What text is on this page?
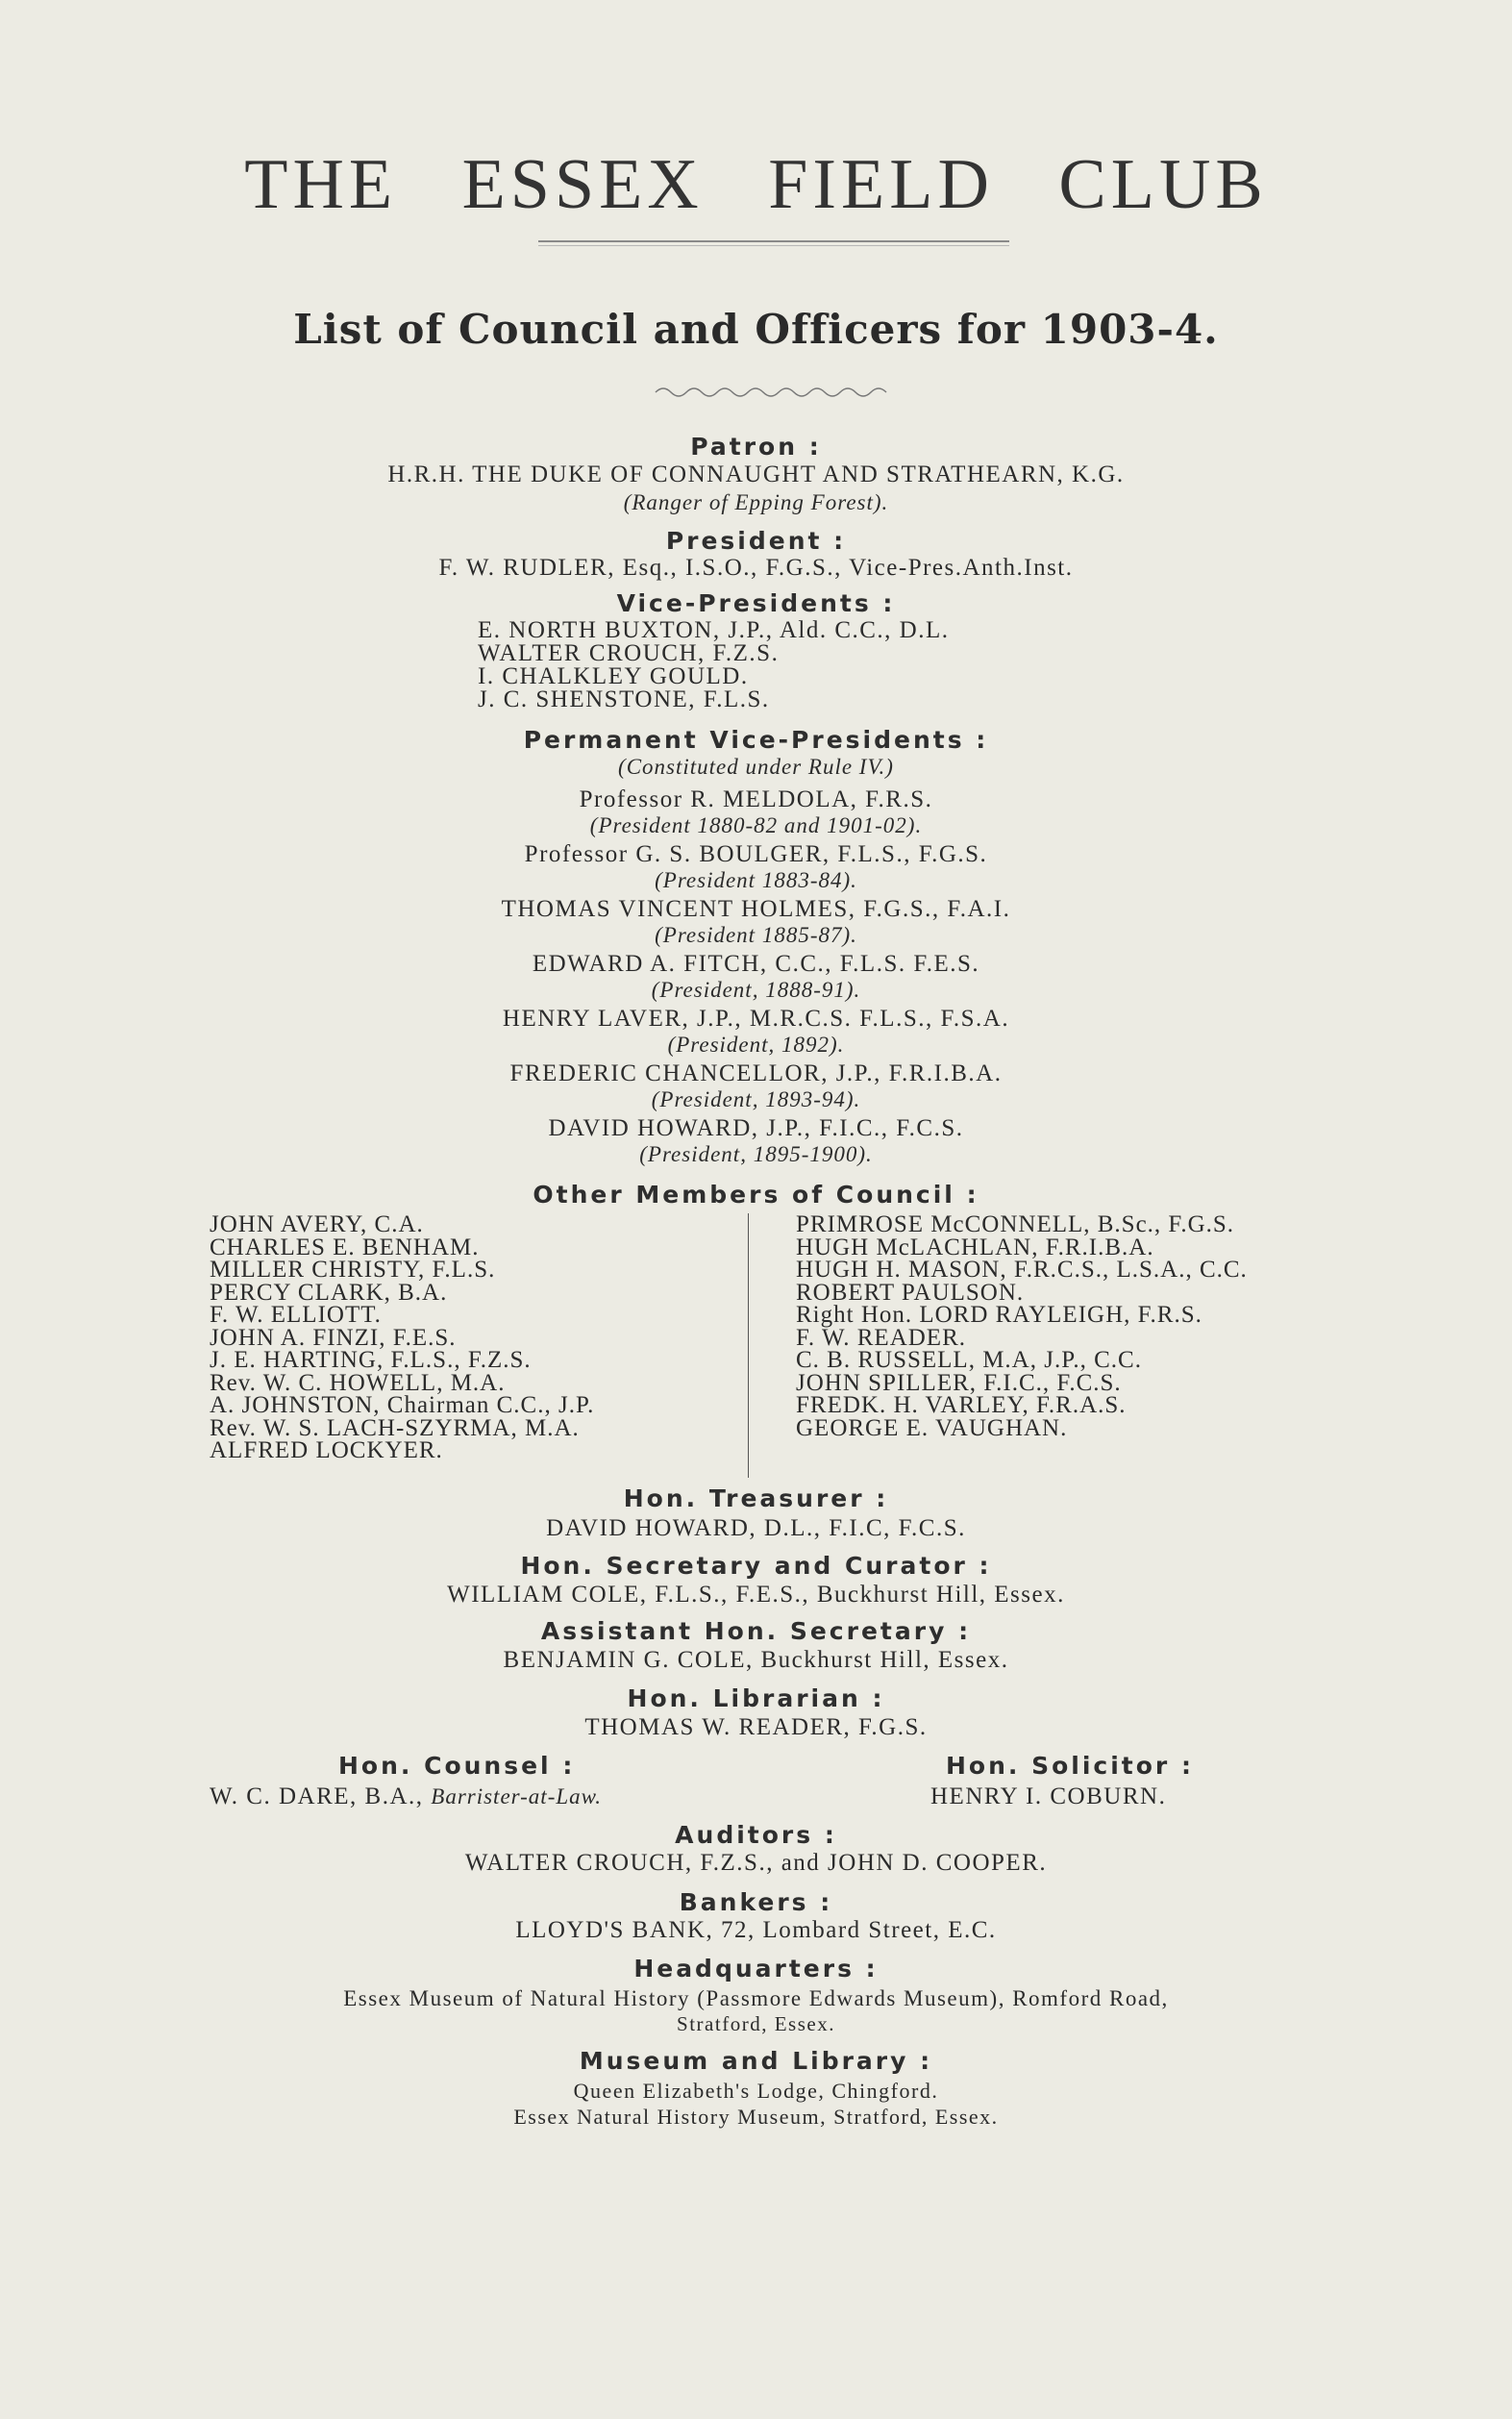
THE ESSEX FIELD CLUB
List of Council and Officers for 1903-4.
Patron :
H.R.H. THE DUKE OF CONNAUGHT AND STRATHEARN, K.G.
(Ranger of Epping Forest).
President :
F. W. RUDLER, Esq., I.S.O., F.G.S., Vice-Pres.Anth.Inst.
Vice-Presidents :
E. NORTH BUXTON, J.P., Ald. C.C., D.L.
WALTER CROUCH, F.Z.S.
I. CHALKLEY GOULD.
J. C. SHENSTONE, F.L.S.
Permanent Vice-Presidents :
(Constituted under Rule IV.)
Professor R. MELDOLA, F.R.S.
(President 1880-82 and 1901-02).
Professor G. S. BOULGER, F.L.S., F.G.S.
(President 1883-84).
THOMAS VINCENT HOLMES, F.G.S., F.A.I.
(President 1885-87).
EDWARD A. FITCH, C.C., F.L.S. F.E.S.
(President, 1888-91).
HENRY LAVER, J.P., M.R.C.S. F.L.S., F.S.A.
(President, 1892).
FREDERIC CHANCELLOR, J.P., F.R.I.B.A.
(President, 1893-94).
DAVID HOWARD, J.P., F.I.C., F.C.S.
(President, 1895-1900).
Other Members of Council :
JOHN AVERY, C.A.
CHARLES E. BENHAM.
MILLER CHRISTY, F.L.S.
PERCY CLARK, B.A.
F. W. ELLIOTT.
JOHN A. FINZI, F.E.S.
J. E. HARTING, F.L.S., F.Z.S.
Rev. W. C. HOWELL, M.A.
A. JOHNSTON, Chairman C.C., J.P.
Rev. W. S. LACH-SZYRMA, M.A.
ALFRED LOCKYER.
PRIMROSE McCONNELL, B.Sc., F.G.S.
HUGH McLACHLAN, F.R.I.B.A.
HUGH H. MASON, F.R.C.S., L.S.A., C.C.
ROBERT PAULSON.
Right Hon. LORD RAYLEIGH, F.R.S.
F. W. READER.
C. B. RUSSELL, M.A, J.P., C.C.
JOHN SPILLER, F.I.C., F.C.S.
FREDK. H. VARLEY, F.R.A.S.
GEORGE E. VAUGHAN.
Hon. Treasurer :
DAVID HOWARD, D.L., F.I.C, F.C.S.
Hon. Secretary and Curator :
WILLIAM COLE, F.L.S., F.E.S., Buckhurst Hill, Essex.
Assistant Hon. Secretary :
BENJAMIN G. COLE, Buckhurst Hill, Essex.
Hon. Librarian :
THOMAS W. READER, F.G.S.
Hon. Counsel :
W. C. DARE, B.A., Barrister-at-Law.
Hon. Solicitor :
HENRY I. COBURN.
Auditors :
WALTER CROUCH, F.Z.S., and JOHN D. COOPER.
Bankers :
LLOYD'S BANK, 72, Lombard Street, E.C.
Headquarters :
Essex Museum of Natural History (Passmore Edwards Museum), Romford Road,
Stratford, Essex.
Museum and Library :
Queen Elizabeth's Lodge, Chingford.
Essex Natural History Museum, Stratford, Essex.
